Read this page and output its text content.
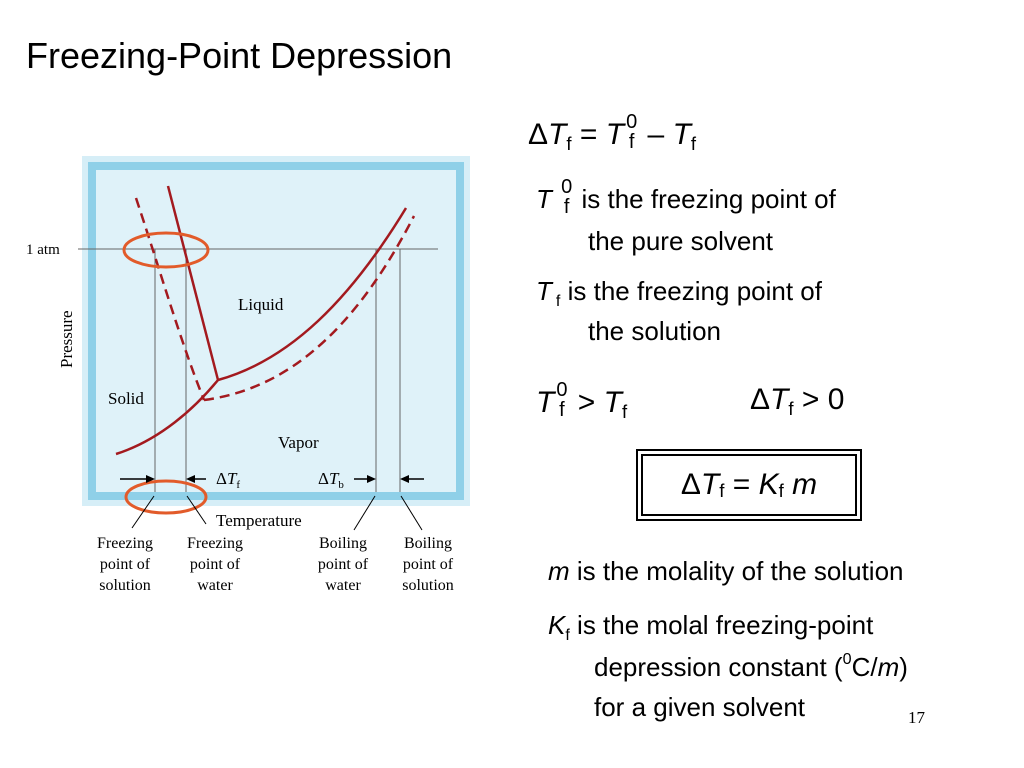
Freezing-Point Depression
1 atm
Pressure
Liquid
Solid
Vapor
$\Delta T_f$	$\Delta T_b$
Temperature
Freezing
point of
solution
Freezing
point of
water
Boiling
point of
water
Boiling
point of
solution
$\Delta T_f = T$ 0
f – $T_f$
T 0
f is the freezing point of
the pure solvent
T $_f$ is the freezing point of
the solution
T 0
$f > T_f$	$\Delta T_f > 0$
Δ T f = K f
m
m is the molality of the solution
$K_f$ is the molal freezing-point
depression constant ($^0$C/m)
for a given solvent	17
